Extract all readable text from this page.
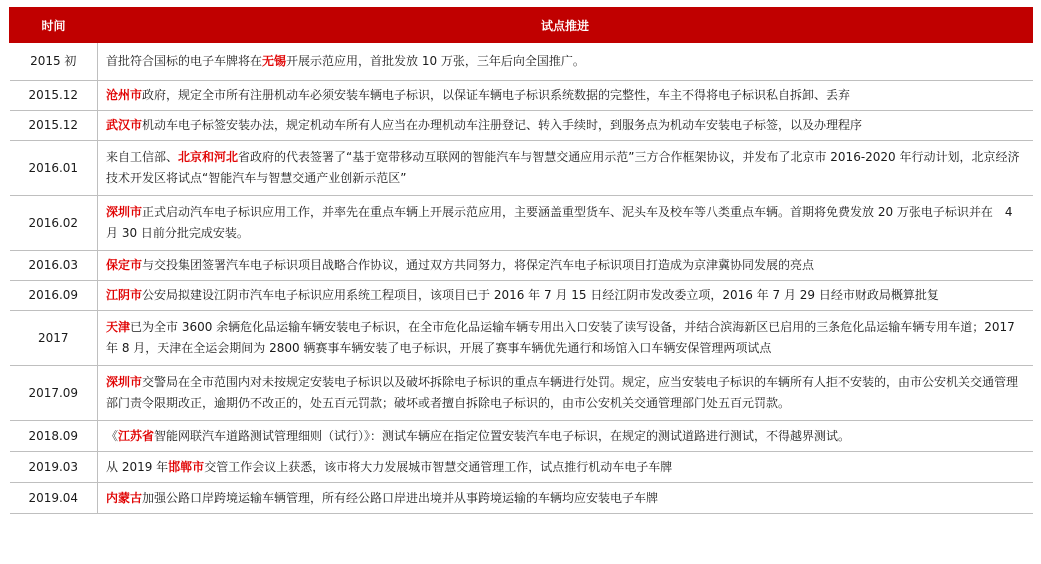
时间	试点推进
2015 初	首批符合国标的电子车牌将在无锡开展示范应用，首批发放 10 万张，三年后向全国推广。
2015.12	沧州市政府，规定全市所有注册机动车必须安装车辆电子标识，以保证车辆电子标识系统数据的完整性，车主不得将电子标识私自拆卸、丢弃
2015.12	武汉市机动车电子标签安装办法，规定机动车所有人应当在办理机动车注册登记、转入手续时，到服务点为机动车安装电子标签，以及办理程序
2016.01	来自工信部、北京和河北省政府的代表签署了“基于宽带移动互联网的智能汽车与智慧交通应用示范”三方合作框架协议，并发布了北京市 2016-2020 年行动计划，北京经济技术开发区将试点“智能汽车与智慧交通产业创新示范区”
2016.02	深圳市正式启动汽车电子标识应用工作，并率先在重点车辆上开展示范应用，主要涵盖重型货车、泥头车及校车等八类重点车辆。首期将免费发放 20 万张电子标识并在　4 月 30 日前分批完成安装。
2016.03	保定市与交投集团签署汽车电子标识项目战略合作协议，通过双方共同努力，将保定汽车电子标识项目打造成为京津冀协同发展的亮点
2016.09	江阴市公安局拟建设江阴市汽车电子标识应用系统工程项目，该项目已于 2016 年 7 月 15 日经江阴市发改委立项，2016 年 7 月 29 日经市财政局概算批复
2017	天津已为全市 3600 余辆危化品运输车辆安装电子标识，在全市危化品运输车辆专用出入口安装了读写设备，并结合滨海新区已启用的三条危化品运输车辆专用车道；2017 年 8 月，天津在全运会期间为 2800 辆赛事车辆安装了电子标识，开展了赛事车辆优先通行和场馆入口车辆安保管理两项试点
2017.09	深圳市交警局在全市范围内对未按规定安装电子标识以及破坏拆除电子标识的重点车辆进行处罚。规定，应当安装电子标识的车辆所有人拒不安装的，由市公安机关交通管理部门责令限期改正，逾期仍不改正的，处五百元罚款；破坏或者擅自拆除电子标识的，由市公安机关交通管理部门处五百元罚款。
2018.09	《江苏省智能网联汽车道路测试管理细则（试行）》：测试车辆应在指定位置安装汽车电子标识，在规定的测试道路进行测试，不得越界测试。
2019.03	从 2019 年邯郸市交管工作会议上获悉，该市将大力发展城市智慧交通管理工作，试点推行机动车电子车牌
2019.04	内蒙古加强公路口岸跨境运输车辆管理，所有经公路口岸进出境并从事跨境运输的车辆均应安装电子车牌
